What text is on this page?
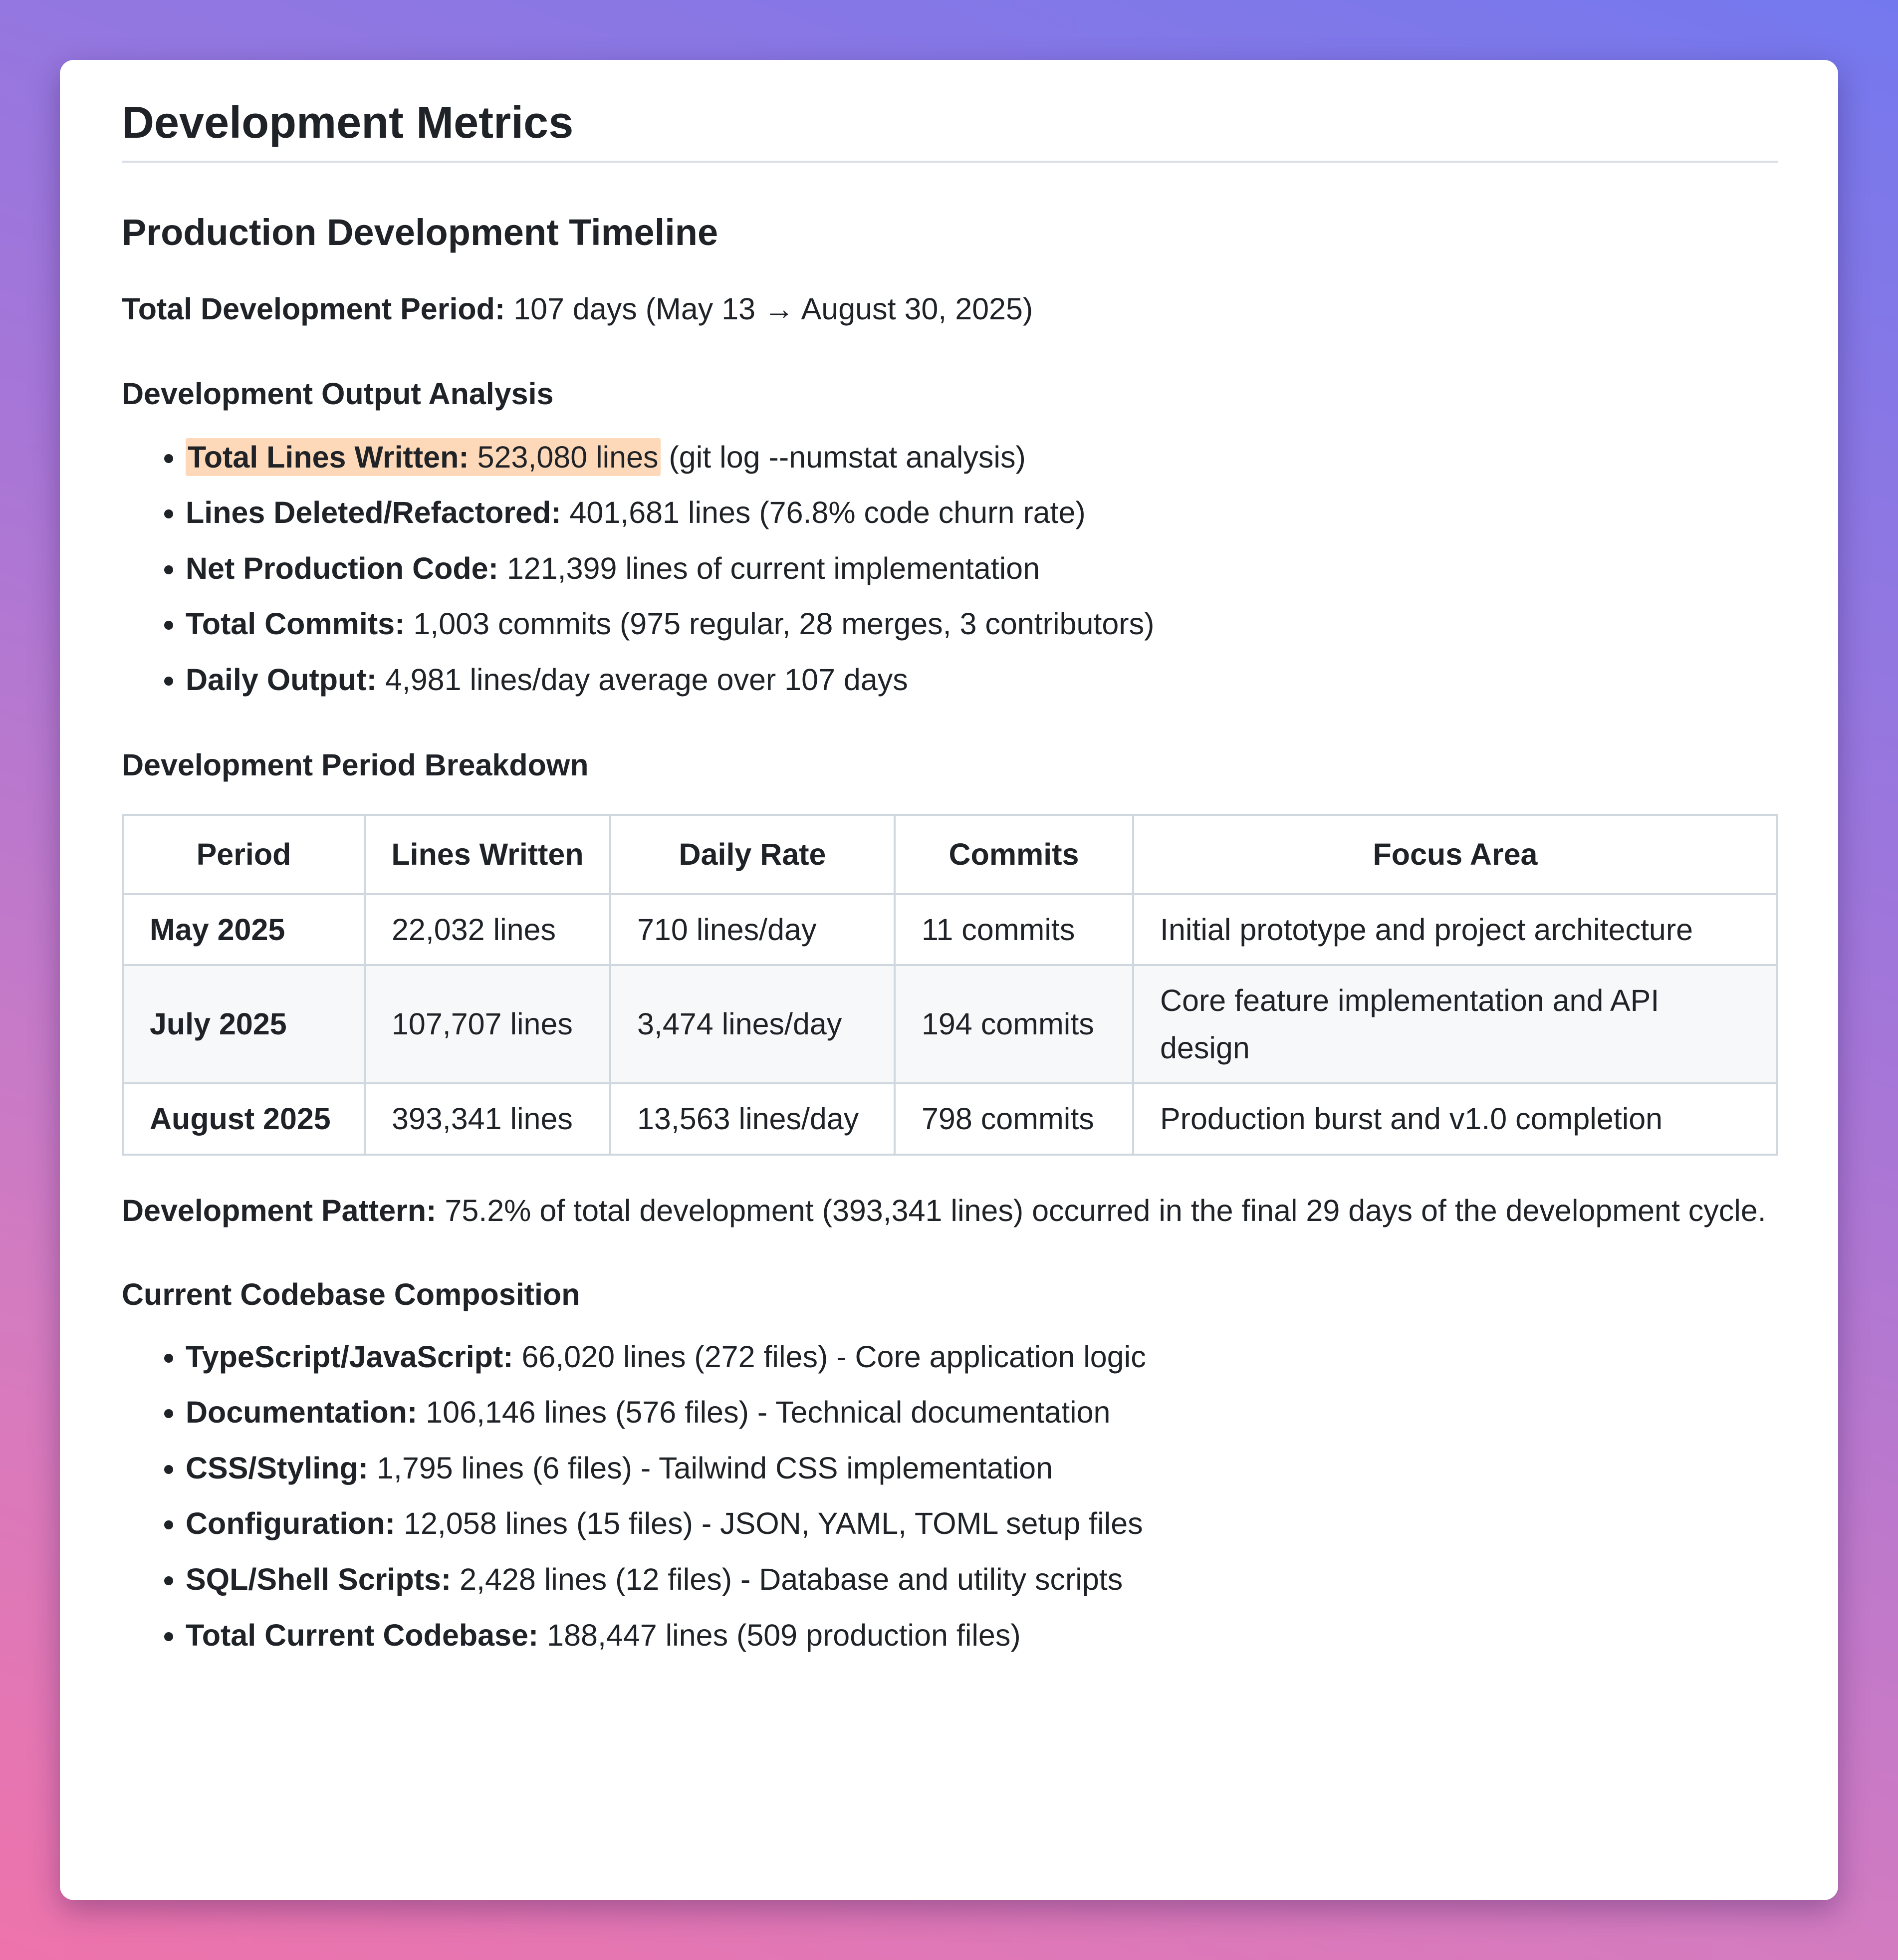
Development Metrics
Production Development Timeline

Total Development Period: 107 days (May 13 → August 30, 2025)

Development Output Analysis
• Total Lines Written: 523,080 lines (git log --numstat analysis)
• Lines Deleted/Refactored: 401,681 lines (76.8% code churn rate)
• Net Production Code: 121,399 lines of current implementation
• Total Commits: 1,003 commits (975 regular, 28 merges, 3 contributors)
• Daily Output: 4,981 lines/day average over 107 days
Development Period Breakdown
Period	Lines Written	Daily Rate	Commits	Focus Area
May 2025	22,032 lines	710 lines/day	11 commits	Initial prototype and project architecture
July 2025	107,707 lines	3,474 lines/day	194 commits	Core feature implementation and API design
August 2025	393,341 lines	13,563 lines/day	798 commits	Production burst and v1.0 completion

Development Pattern: 75.2% of total development (393,341 lines) occurred in the final 29 days of the development cycle.

Current Codebase Composition
• TypeScript/JavaScript: 66,020 lines (272 files) - Core application logic
• Documentation: 106,146 lines (576 files) - Technical documentation
• CSS/Styling: 1,795 lines (6 files) - Tailwind CSS implementation
• Configuration: 12,058 lines (15 files) - JSON, YAML, TOML setup files
• SQL/Shell Scripts: 2,428 lines (12 files) - Database and utility scripts
• Total Current Codebase: 188,447 lines (509 production files)
